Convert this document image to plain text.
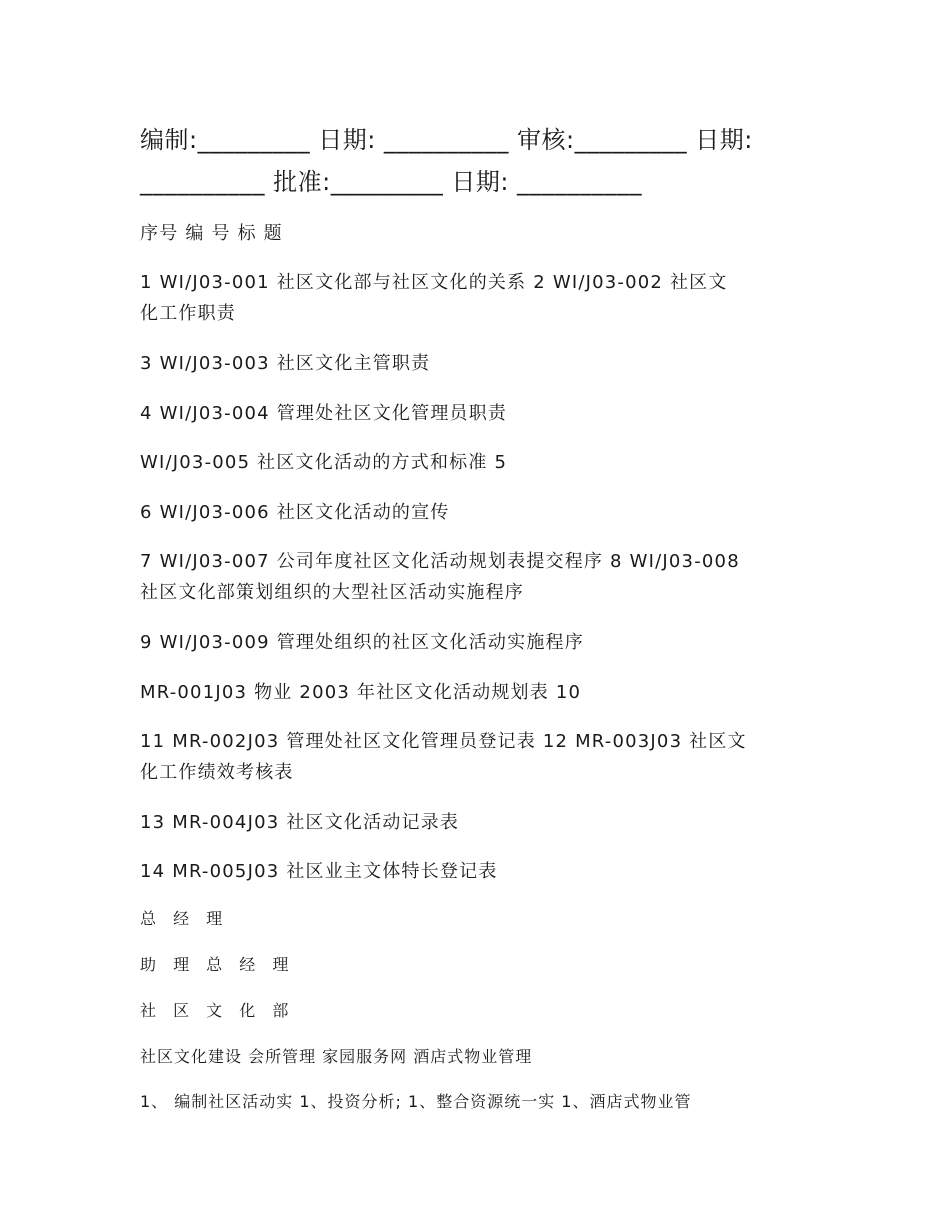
编制:_________ 日期: __________ 审核:_________ 日期:
__________ 批准:_________ 日期: __________
序号 编 号 标 题
1 WI/J03-001 社区文化部与社区文化的关系 2 WI/J03-002 社区文
化工作职责
3 WI/J03-003 社区文化主管职责
4 WI/J03-004 管理处社区文化管理员职责
WI/J03-005 社区文化活动的方式和标准 5
6 WI/J03-006 社区文化活动的宣传
7 WI/J03-007 公司年度社区文化活动规划表提交程序 8 WI/J03-008
社区文化部策划组织的大型社区活动实施程序
9 WI/J03-009 管理处组织的社区文化活动实施程序
MR-001J03 物业 2003 年社区文化活动规划表 10
11 MR-002J03 管理处社区文化管理员登记表 12 MR-003J03 社区文
化工作绩效考核表
13 MR-004J03 社区文化活动记录表
14 MR-005J03 社区业主文体特长登记表
总 经 理
助 理 总 经 理
社 区 文 化 部
社区文化建设 会所管理 家园服务网 酒店式物业管理
1、 编制社区活动实 1、投资分析; 1、整合资源统一实 1、酒店式物业管
